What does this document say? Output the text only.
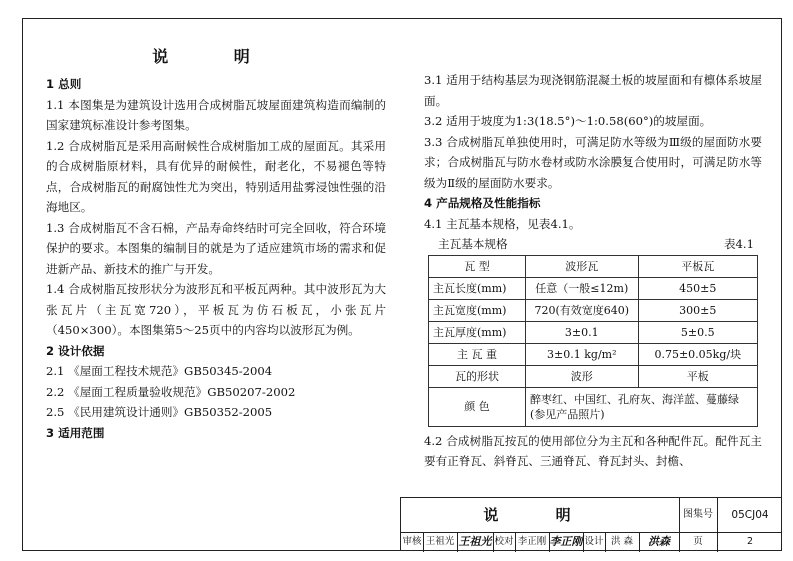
说 明
1 总则

1.1 本图集是为建筑设计选用合成树脂瓦坡屋面建筑构造而编制的国家建筑标准设计参考图集。

1.2 合成树脂瓦是采用高耐候性合成树脂加工成的屋面瓦。其采用的合成树脂原材料，具有优异的耐候性，耐老化，不易褪色等特点，合成树脂瓦的耐腐蚀性尤为突出，特别适用盐雾浸蚀性强的沿海地区。

1.3 合成树脂瓦不含石棉，产品寿命终结时可完全回收，符合环境保护的要求。本图集的编制目的就是为了适应建筑市场的需求和促进新产品、新技术的推广与开发。

1.4 合成树脂瓦按形状分为波形瓦和平板瓦两种。其中波形瓦为大张瓦片（主瓦宽720），平板瓦为仿石板瓦，小张瓦片（450×300）。本图集第5～25页中的内容均以波形瓦为例。

2 设计依据

2.1 《屋面工程技术规范》GB50345-2004

2.2 《屋面工程质量验收规范》GB50207-2002

2.5 《民用建筑设计通则》GB50352-2005

3 适用范围

3.1 适用于结构基层为现浇钢筋混凝土板的坡屋面和有檩体系坡屋面。

3.2 适用于坡度为1:3(18.5°)～1:0.58(60°)的坡屋面。

3.3 合成树脂瓦单独使用时，可满足防水等级为Ⅲ级的屋面防水要求；合成树脂瓦与防水卷材或防水涂膜复合使用时，可满足防水等级为Ⅱ级的屋面防水要求。

4 产品规格及性能指标

4.1 主瓦基本规格，见表4.1。

主瓦基本规格	表4.1
瓦 型	波形瓦	平板瓦
主瓦长度(mm)	任意（一般≤12m)	450±5
主瓦宽度(mm)	720(有效宽度640)	300±5
主瓦厚度(mm)	3±0.1	5±0.5
主 瓦 重	3±0.1 kg/m²	0.75±0.05kg/块
瓦的形状	波形	平板
颜 色	醉枣红、中国红、孔府灰、海洋蓝、蔓藤绿(参见产品照片)	

4.2 合成树脂瓦按瓦的使用部位分为主瓦和各种配件瓦。配件瓦主要有正脊瓦、斜脊瓦、三通脊瓦、脊瓦封头、封檐、

说 明	图集号	05CJ04
审核 王祖光 王祖光 校对 李正刚 李正刚 设计 洪 森	洪森	页	2
